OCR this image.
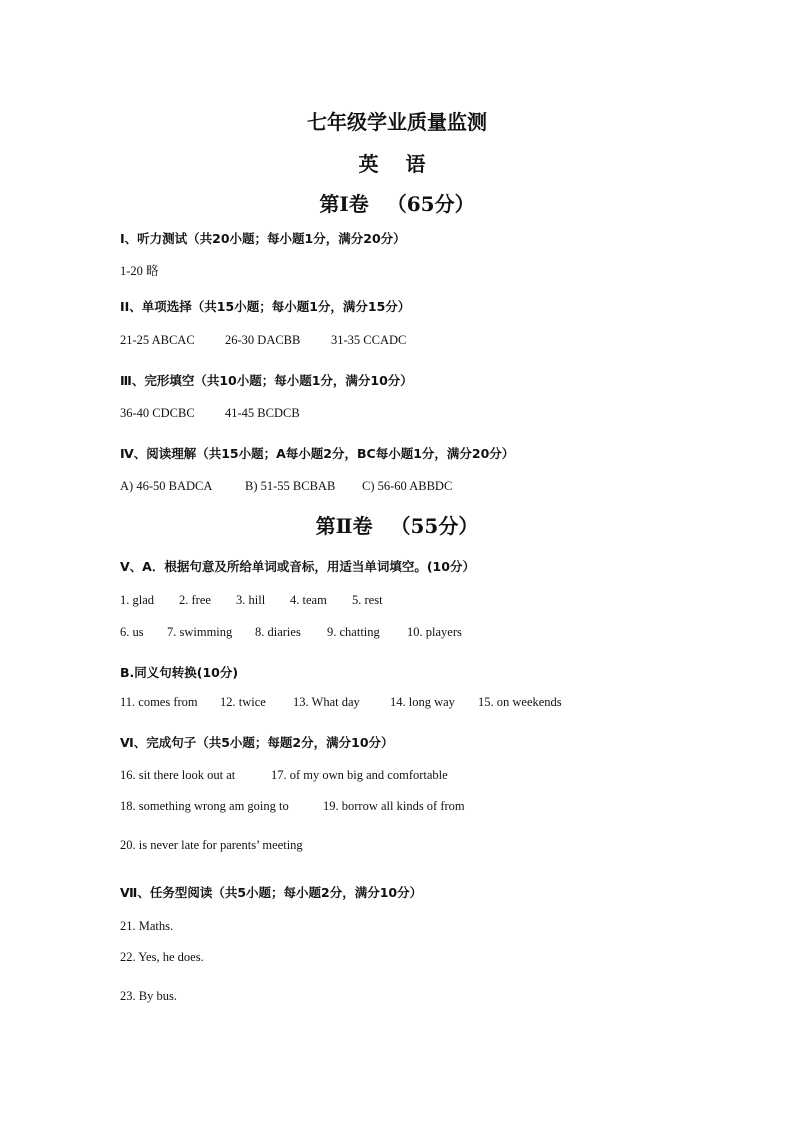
七年级学业质量监测
英 语
第Ⅰ卷 （65分）
Ⅰ、听力测试（共20小题；每小题1分，满分20分）
1-20 略
II、单项选择（共15小题；每小题1分，满分15分）
21-25 ABCAC 26-30 DACBB 31-35 CCADC
Ⅲ、完形填空（共10小题；每小题1分，满分10分）
36-40 CDCBC 41-45 BCDCB
Ⅳ、阅读理解（共15小题；A每小题2分，BC每小题1分，满分20分）
A) 46-50 BADCA	B) 51-55 BCBAB C) 56-60 ABBDC
第Ⅱ卷 （55分）
Ⅴ、A．根据句意及所给单词或音标，用适当单词填空。(10分）
1. glad 2. free 3. hill 4. team 5. rest
6. us 7. swimming 8. diaries 9. chatting 10. players
B.同义句转换(10分)
11. comes from 12. twice 13. What day 14. long way 15. on weekends
Ⅵ、完成句子（共5小题；每题2分，满分10分）
16. sit there look out at	17. of my own big and comfortable
18. something wrong am going to	19. borrow all kinds of from
20. is never late for parents’ meeting
Ⅶ、任务型阅读（共5小题；每小题2分，满分10分）
21. Maths.
22. Yes, he does.
23. By bus.
